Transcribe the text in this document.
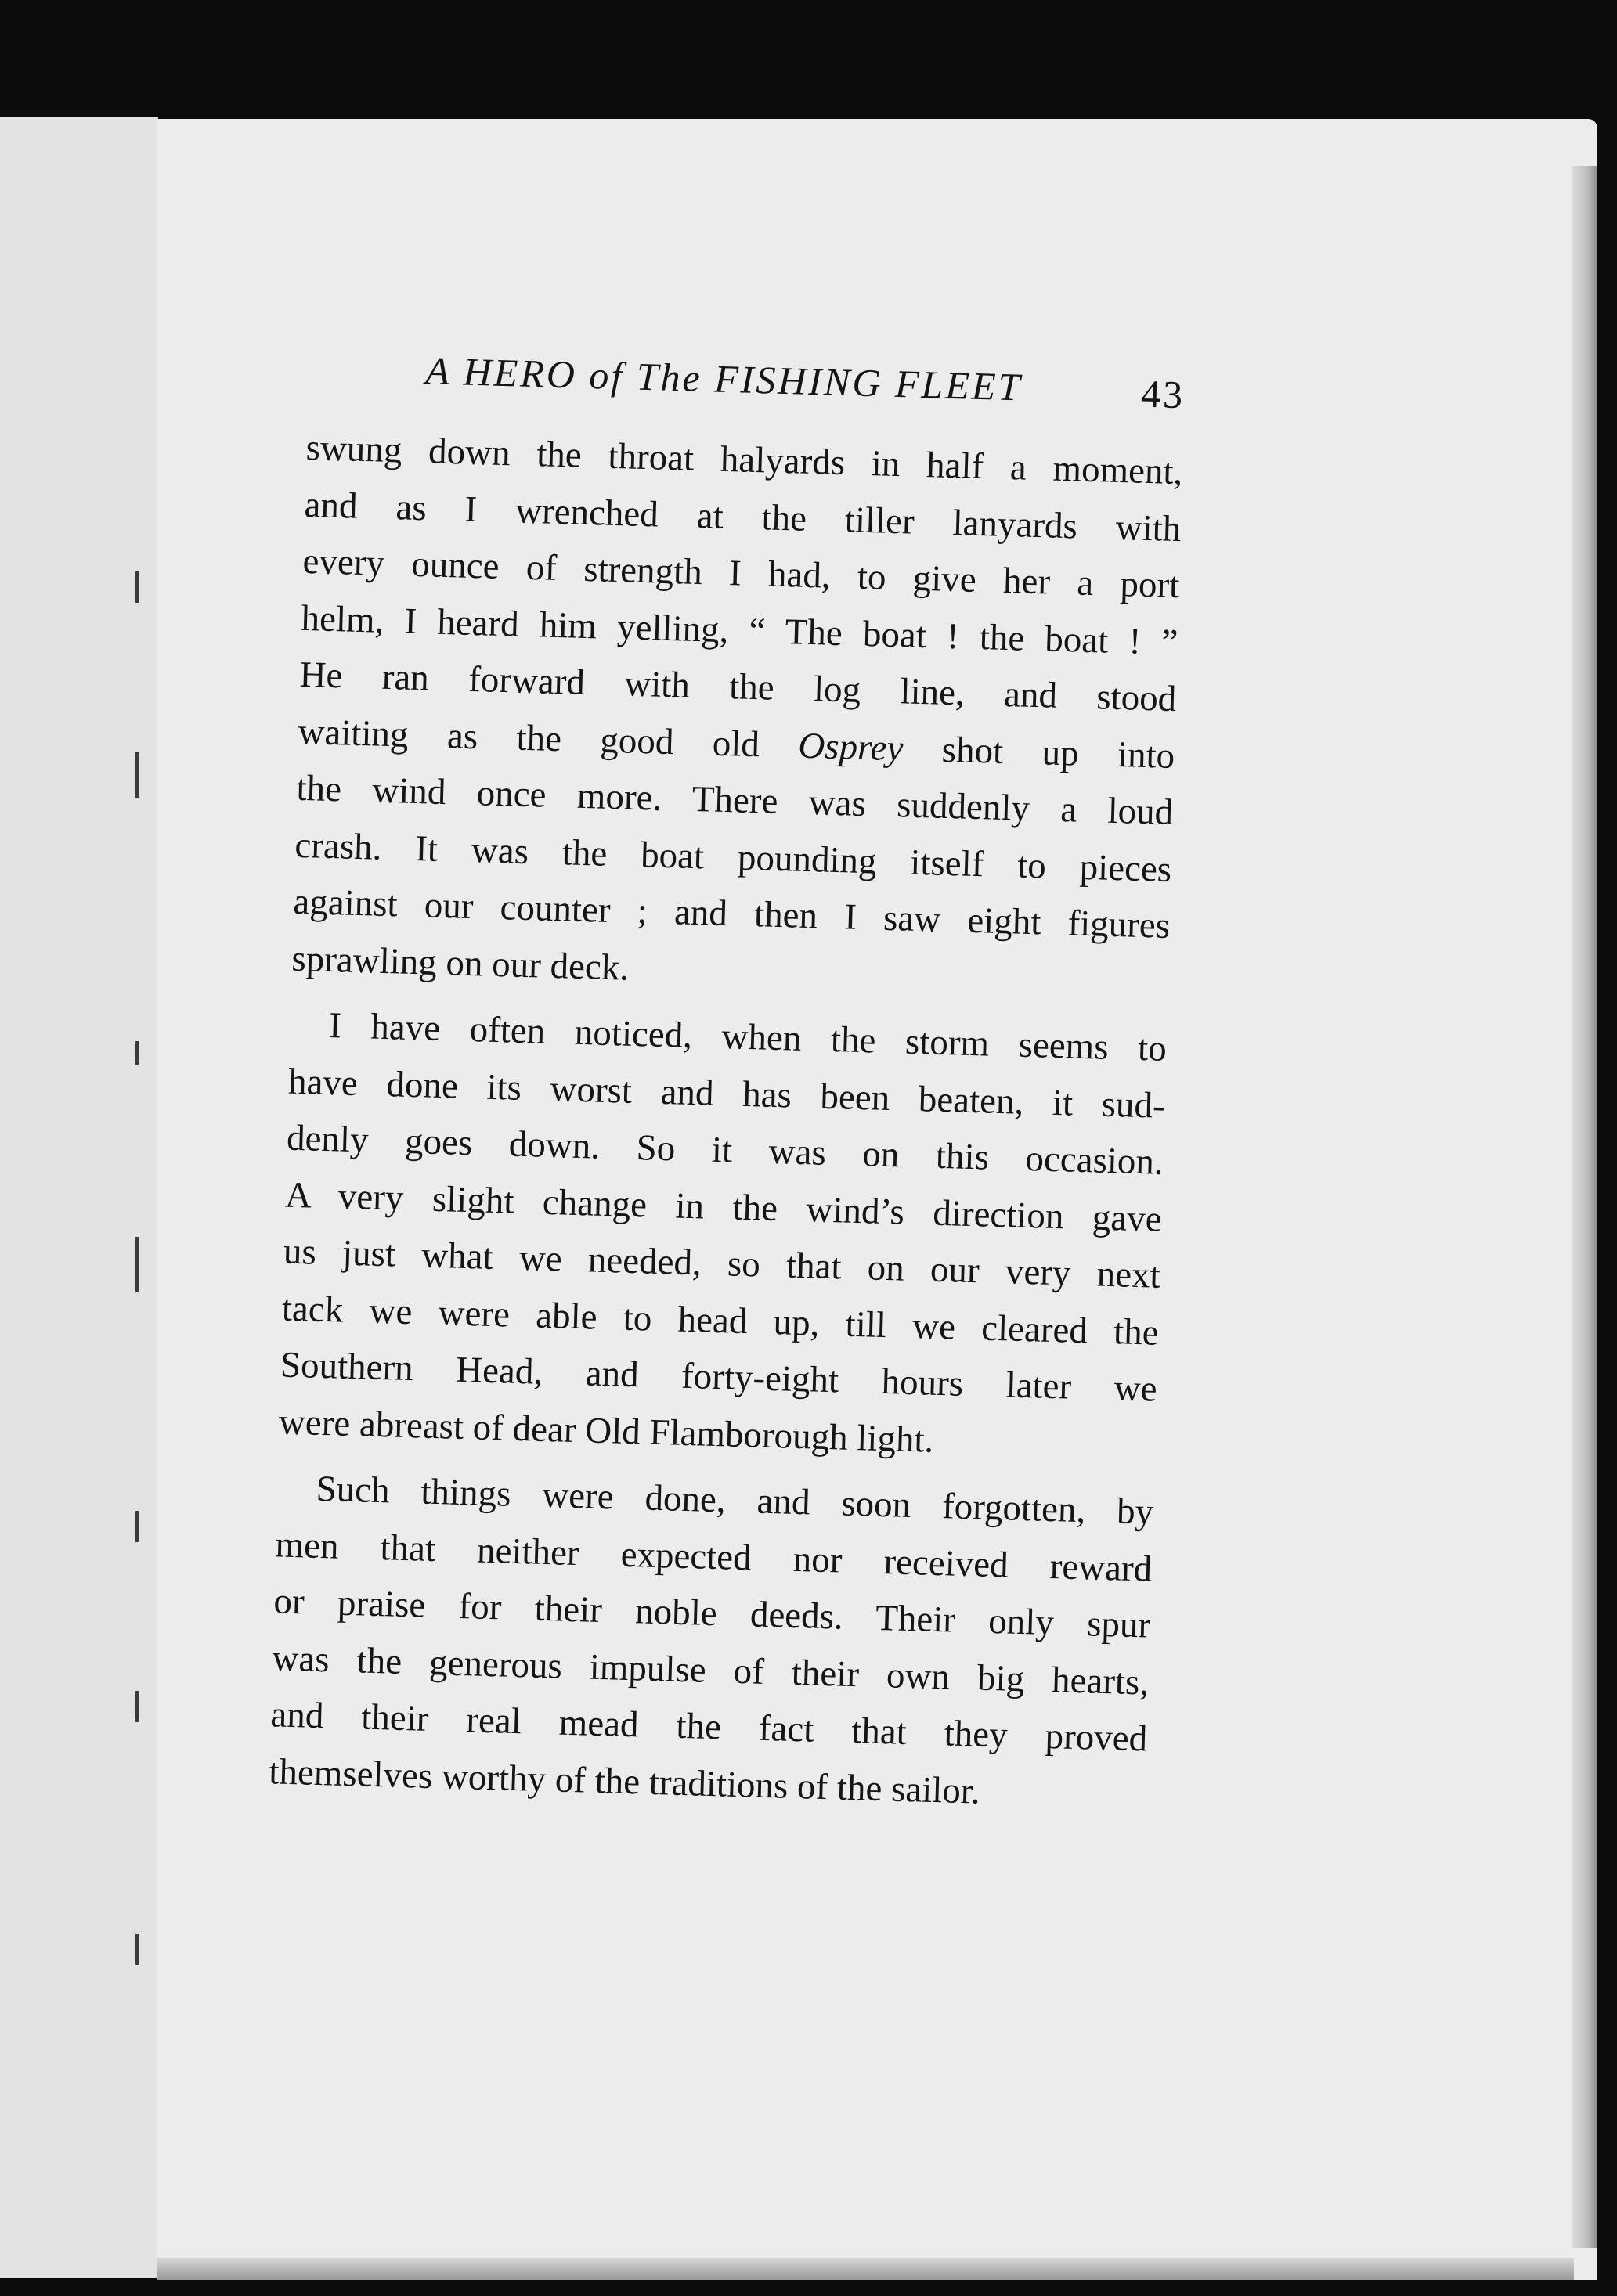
A HERO of The FISHING FLEET	43
swung down the throat halyards in half a moment,
and as I wrenched at the tiller lanyards with
every ounce of strength I had, to give her a port
helm, I heard him yelling, “ The boat ! the boat ! ”
He ran forward with the log line, and stood
waiting as the good old Osprey shot up into
the wind once more. There was suddenly a loud
crash. It was the boat pounding itself to pieces
against our counter ; and then I saw eight figures
sprawling on our deck.
I have often noticed, when the storm seems to
have done its worst and has been beaten, it sud-
denly goes down. So it was on this occasion.
A very slight change in the wind’s direction gave
us just what we needed, so that on our very next
tack we were able to head up, till we cleared the
Southern Head, and forty-eight hours later we
were abreast of dear Old Flamborough light.
Such things were done, and soon forgotten, by
men that neither expected nor received reward
or praise for their noble deeds. Their only spur
was the generous impulse of their own big hearts,
and their real mead the fact that they proved
themselves worthy of the traditions of the sailor.
